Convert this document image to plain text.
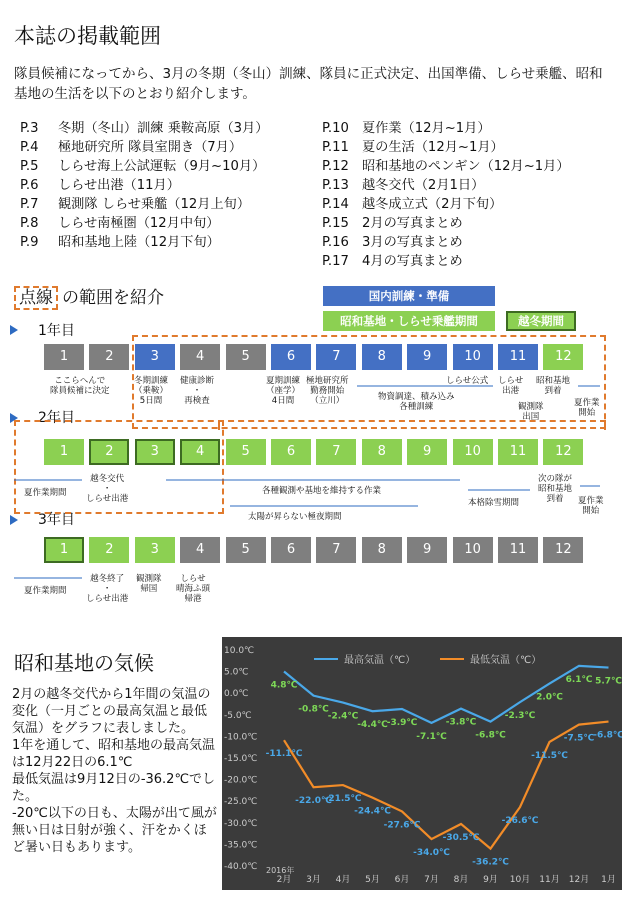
本誌の掲載範囲
隊員候補になってから、3月の冬期（冬山）訓練、隊員に正式決定、出国準備、しらせ乗艦、昭和基地の生活を以下のとおり紹介します。
P.3 冬期（冬山）訓練 乗鞍高原（3月）
P.4 極地研究所 隊員室開き（7月）
P.5 しらせ海上公試運転（9月~10月）
P.6 しらせ出港（11月）
P.7 観測隊 しらせ乗艦（12月上旬）
P.8 しらせ南極圏（12月中旬）
P.9 昭和基地上陸（12月下旬）
P.10 夏作業（12月~1月）
P.11 夏の生活（12月~1月）
P.12 昭和基地のペンギン（12月~1月）
P.13 越冬交代（2月1日）
P.14 越冬成立式（2月下旬）
P.15 2月の写真まとめ
P.16 3月の写真まとめ
P.17 4月の写真まとめ
点線 の範囲を紹介	国内訓練・準備
昭和基地・しらせ乗艦期間	越冬期間
1年目
2年目
3年目
1	2	3	4	5	6	7	8	9	10	11	12
1	2	3	4	5	6	7	8	9	10	11	12
1	2	3	4	5	6	7	8	9	10	11	12
ここらへんで
隊員候補に決定
冬期訓練
（乗鞍）
5日間
健康診断
・
再検査
夏期訓練
（座学）
4日間
極地研究所
勤務開始
（立川）	物資調達、積み込み
各種訓練
しらせ公式 しらせ
出港
昭和基地
到着
観測隊
出国
夏作業
開始
夏作業期間
越冬交代
・
しらせ出港
各種観測や基地を維持する作業
太陽が昇らない極夜期間
本格除雪期間
次の隊が
昭和基地
到着	夏作業
開始
夏作業期間
越冬終了
・
しらせ出港
観測隊
帰国
しらせ
晴海ふ頭
帰港
昭和基地の気候
2月の越冬交代から1年間の気温の変化（一月ごとの最高気温と最低気温）をグラフに表しました。
1年を通して、昭和基地の最高気温は12月22日の6.1℃
最低気温は9月12日の-36.2℃でした。
-20℃以下の日も、太陽が出て風が無い日は日射が強く、汗をかくほど暑い日もあります。
10.0℃
5.0℃
0.0℃
-5.0℃
-10.0℃
-15.0℃
-20.0℃
-25.0℃
-30.0℃
-35.0℃
-40.0℃
2月 3月 4月 5月 6月 7月 8月 9月 10月 11月 12月 1月
2016年
最高気温（℃）	最低気温（℃）
4.8℃
-0.8℃
-2.4℃
-4.4℃
-3.9℃
-7.1℃
-3.8℃
-6.8℃
-2.3℃
2.0℃
6.1℃ 5.7℃
-11.1℃
-22.0℃
-21.5℃
-24.4℃
-27.6℃
-34.0℃
-30.5℃
-36.2℃
-26.6℃
-11.5℃
-7.5℃
-6.8℃
